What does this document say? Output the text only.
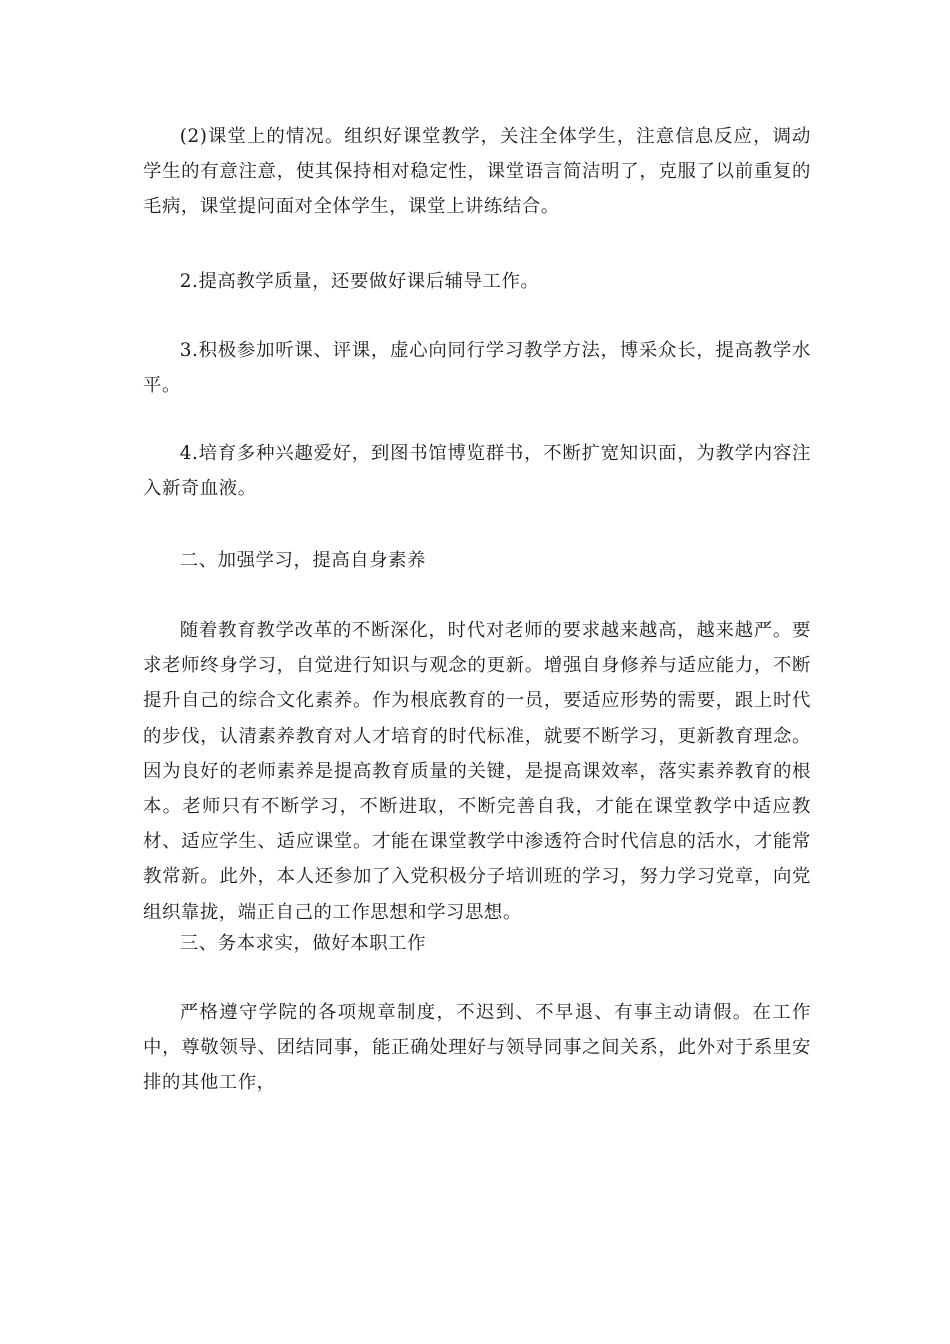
(2)课堂上的情况。组织好课堂教学，关注全体学生，注意信息反应，调动学生的有意注意，使其保持相对稳定性，课堂语言简洁明了，克服了以前重复的毛病，课堂提问面对全体学生，课堂上讲练结合。

2.提高教学质量，还要做好课后辅导工作。

3.积极参加听课、评课，虚心向同行学习教学方法，博采众长，提高教学水平。

4.培育多种兴趣爱好，到图书馆博览群书，不断扩宽知识面，为教学内容注入新奇血液。

二、加强学习，提高自身素养

随着教育教学改革的不断深化，时代对老师的要求越来越高，越来越严。要求老师终身学习，自觉进行知识与观念的更新。增强自身修养与适应能力，不断提升自己的综合文化素养。作为根底教育的一员，要适应形势的需要，跟上时代的步伐，认清素养教育对人才培育的时代标准，就要不断学习，更新教育理念。因为良好的老师素养是提高教育质量的关键，是提高课效率，落实素养教育的根本。老师只有不断学习，不断进取，不断完善自我，才能在课堂教学中适应教材、适应学生、适应课堂。才能在课堂教学中渗透符合时代信息的活水，才能常教常新。此外，本人还参加了入党积极分子培训班的学习，努力学习党章，向党组织靠拢，端正自己的工作思想和学习思想。

三、务本求实，做好本职工作

严格遵守学院的各项规章制度，不迟到、不早退、有事主动请假。在工作中，尊敬领导、团结同事，能正确处理好与领导同事之间关系，此外对于系里安排的其他工作，
